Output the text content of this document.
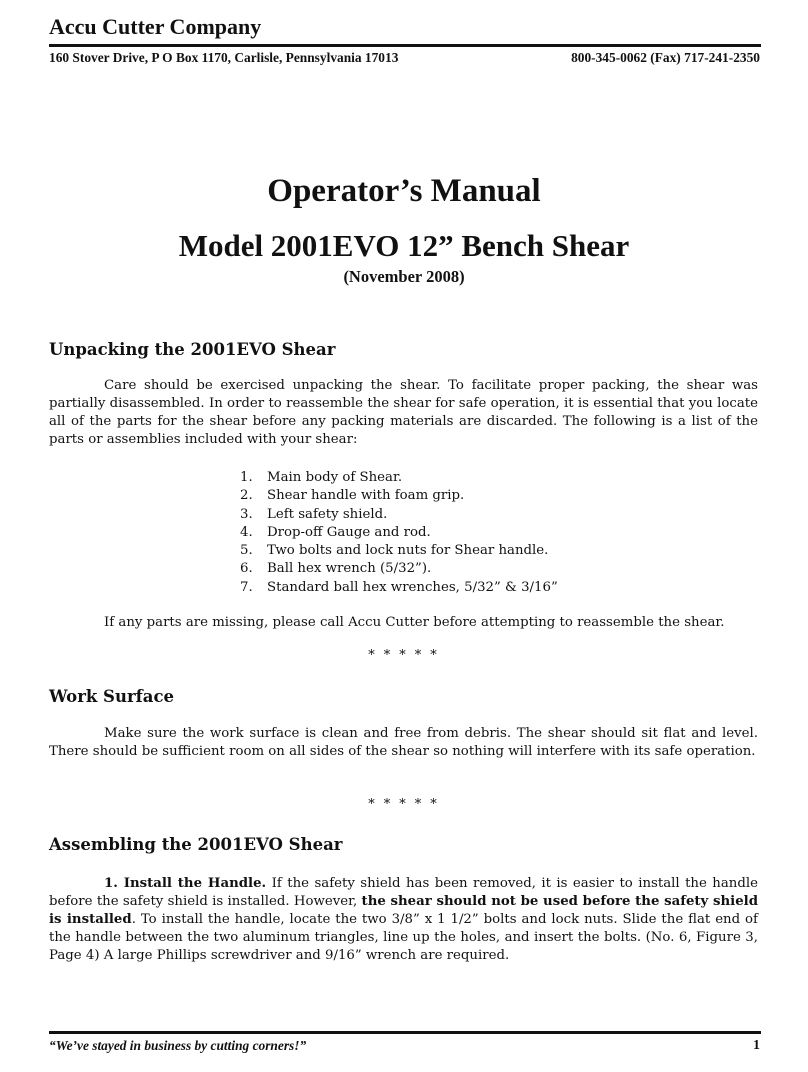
Accu Cutter Company
160 Stover Drive, P O Box 1170, Carlisle, Pennsylvania 17013	800-345-0062 (Fax) 717-241-2350
Operator’s Manual
Model 2001EVO 12” Bench Shear
(November 2008)
Unpacking the 2001EVO Shear
Care should be exercised unpacking the shear. To facilitate proper packing, the shear was partially disassembled. In order to reassemble the shear for safe operation, it is essential that you locate all of the parts for the shear before any packing materials are discarded. The following is a list of the parts or assemblies included with your shear:
1. Main body of Shear.
2. Shear handle with foam grip.
3. Left safety shield.
4. Drop-off Gauge and rod.
5. Two bolts and lock nuts for Shear handle.
6. Ball hex wrench (5/32”).
7. Standard ball hex wrenches, 5/32” & 3/16”
If any parts are missing, please call Accu Cutter before attempting to reassemble the shear.
* * * * *
Work Surface
Make sure the work surface is clean and free from debris. The shear should sit flat and level. There should be sufficient room on all sides of the shear so nothing will interfere with its safe operation.
* * * * *
Assembling the 2001EVO Shear
1. Install the Handle. If the safety shield has been removed, it is easier to install the handle before the safety shield is installed. However, the shear should not be used before the safety shield is installed. To install the handle, locate the two 3/8” x 1 1/2” bolts and lock nuts. Slide the flat end of the handle between the two aluminum triangles, line up the holes, and insert the bolts. (No. 6, Figure 3, Page 4) A large Phillips screwdriver and 9/16” wrench are required.
“We’ve stayed in business by cutting corners!”	1
